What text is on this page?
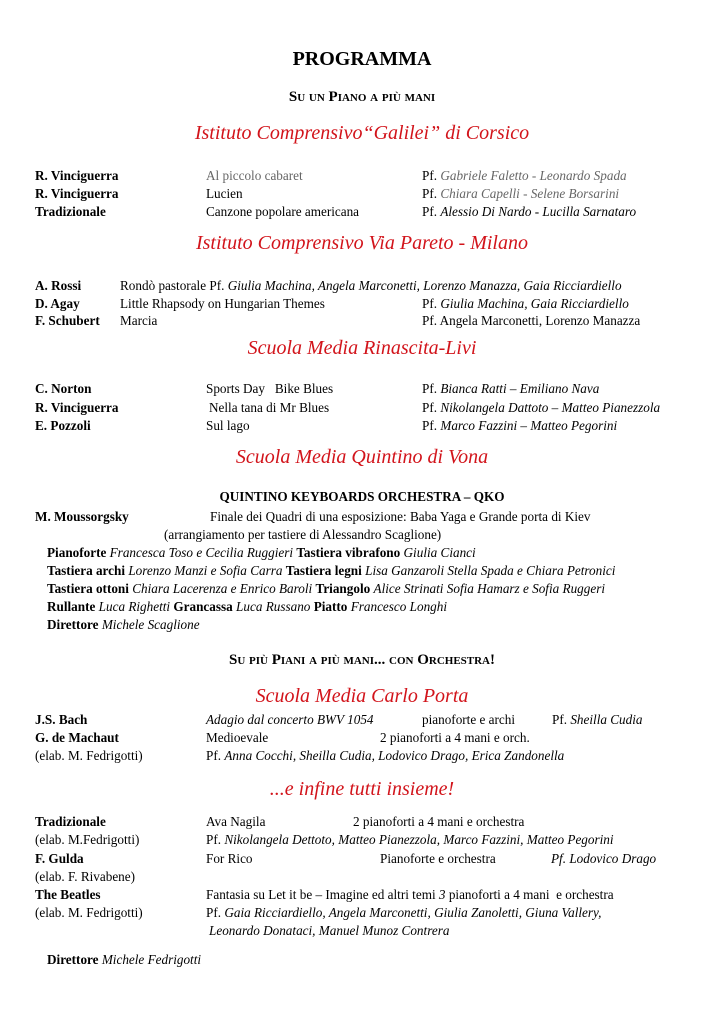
PROGRAMMA
Su un Piano a più mani
Istituto Comprensivo“Galilei” di Corsico
R. Vinciguerra	Al piccolo cabaret	Pf. Gabriele Faletto - Leonardo Spada
R. Vinciguerra	Lucien	Pf. Chiara Capelli - Selene Borsarini
Tradizionale	Canzone popolare americana	Pf. Alessio Di Nardo - Lucilla Sarnataro
Istituto Comprensivo Via Pareto - Milano
A. Rossi	Rondò pastorale Pf. Giulia Machina, Angela Marconetti, Lorenzo Manazza, Gaia Ricciardiello
D. Agay	Little Rhapsody on Hungarian Themes	Pf. Giulia Machina, Gaia Ricciardiello
F. Schubert Marcia	Pf. Angela Marconetti, Lorenzo Manazza
Scuola Media Rinascita-Livi
C. Norton	Sports Day   Bike Blues	Pf. Bianca Ratti – Emiliano Nava
R. Vinciguerra	Nella tana di Mr Blues	Pf. Nikolangela Dattoto – Matteo Pianezzola
E. Pozzoli	Sul lago	Pf. Marco Fazzini – Matteo Pegorini
Scuola Media Quintino di Vona
QUINTINO KEYBOARDS ORCHESTRA – QKO
M. Moussorgsky	Finale dei Quadri di una esposizione: Baba Yaga e Grande porta di Kiev
(arrangiamento per tastiere di Alessandro Scaglione)
Pianoforte Francesca Toso e Cecilia Ruggieri Tastiera vibrafono Giulia Cianci
Tastiera archi Lorenzo Manzi e Sofia Carra Tastiera legni Lisa Ganzaroli Stella Spada e Chiara Petronici
Tastiera ottoni Chiara Lacerenza e Enrico Baroli Triangolo Alice Strinati Sofia Hamarz e Sofia Ruggeri
Rullante Luca Righetti Grancassa Luca Russano Piatto Francesco Longhi
Direttore Michele Scaglione
Su più Piani a più mani... con Orchestra!
Scuola Media Carlo Porta
J.S. Bach	Adagio dal concerto BWV 1054	pianoforte e archi	Pf. Sheilla Cudia
G. de Machaut	Medioevale	2 pianoforti a 4 mani e orch.
(elab. M. Fedrigotti)	Pf. Anna Cocchi, Sheilla Cudia, Lodovico Drago, Erica Zandonella
...e infine tutti insieme!
Tradizionale	Ava Nagila	2 pianoforti a 4 mani e orchestra
(elab. M.Fedrigotti)	Pf. Nikolangela Dettoto, Matteo Pianezzola, Marco Fazzini, Matteo Pegorini
F. Gulda	For Rico	Pianoforte e orchestra	Pf. Lodovico Drago
(elab. F. Rivabene)
The Beatles	Fantasia su Let it be – Imagine ed altri temi 3 pianoforti a 4 mani  e orchestra
(elab. M. Fedrigotti)	Pf. Gaia Ricciardiello, Angela Marconetti, Giulia Zanoletti, Giuna Vallery,
Leonardo Donataci, Manuel Munoz Contrera
Direttore Michele Fedrigotti
